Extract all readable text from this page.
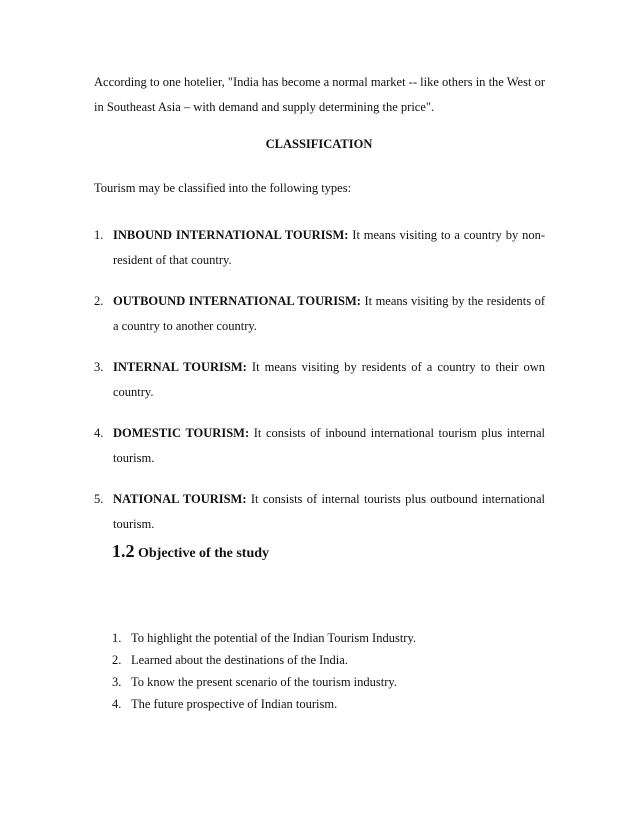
According to one hotelier, "India has become a normal market -- like others in the West or in Southeast Asia – with demand and supply determining the price".
CLASSIFICATION
Tourism may be classified into the following types:
1. INBOUND INTERNATIONAL TOURISM: It means visiting to a country by non-resident of that country.
2. OUTBOUND INTERNATIONAL TOURISM: It means visiting by the residents of a country to another country.
3. INTERNAL TOURISM: It means visiting by residents of a country to their own country.
4. DOMESTIC TOURISM: It consists of inbound international tourism plus internal tourism.
5. NATIONAL TOURISM: It consists of internal tourists plus outbound international tourism.
1.2 Objective of the study
1. To highlight the potential of the Indian Tourism Industry.
2. Learned about the destinations of the India.
3. To know the present scenario of the tourism industry.
4. The future prospective of Indian tourism.
